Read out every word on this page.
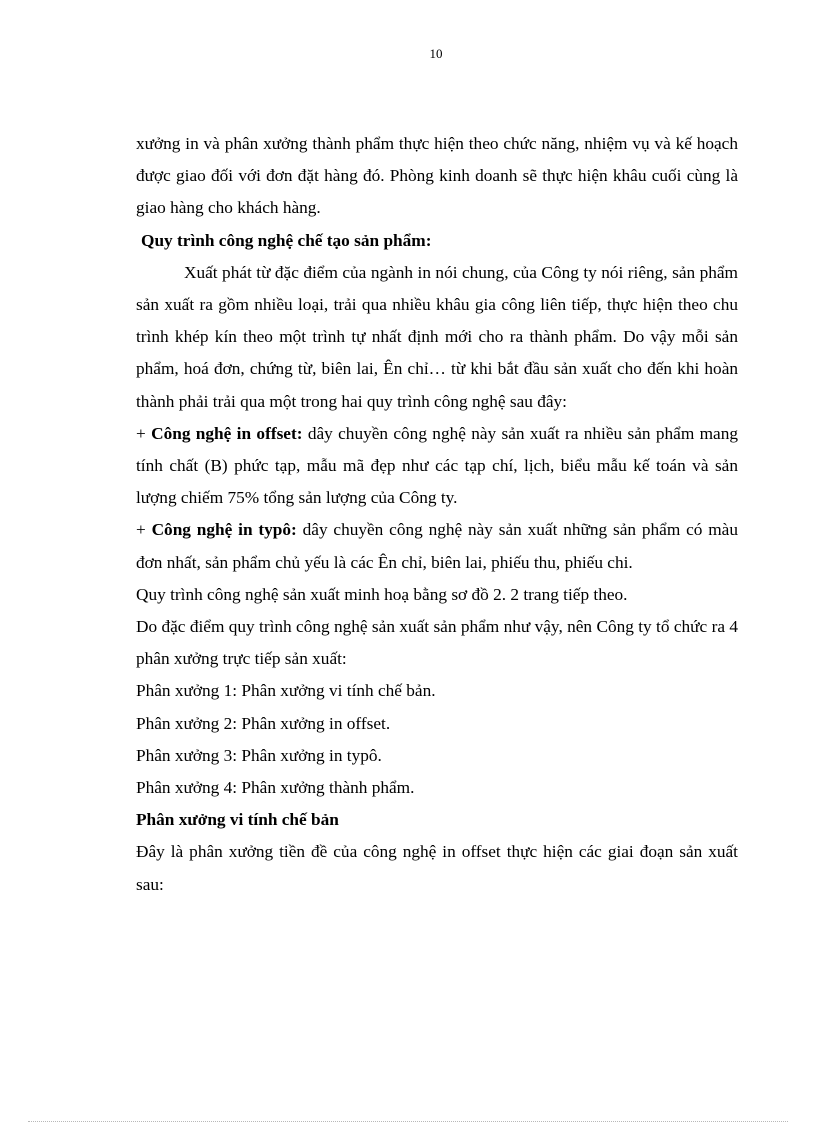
10

xưởng in và phân xưởng thành phẩm thực hiện theo chức năng, nhiệm vụ và kế hoạch được giao đối với đơn đặt hàng đó. Phòng kinh doanh sẽ thực hiện khâu cuối cùng là giao hàng cho khách hàng.

Quy trình công nghệ chế tạo sản phẩm:

Xuất phát từ đặc điểm của ngành in nói chung, của Công ty nói riêng, sản phẩm sản xuất ra gồm nhiều loại, trải qua nhiều khâu gia công liên tiếp, thực hiện theo chu trình khép kín theo một trình tự nhất định mới cho ra thành phẩm. Do vậy mỗi sản phẩm, hoá đơn, chứng từ, biên lai, Ên chỉ… từ khi bắt đầu sản xuất cho đến khi hoàn thành phải trải qua một trong hai quy trình công nghệ sau đây:

+ Công nghệ in offset: dây chuyền công nghệ này sản xuất ra nhiều sản phẩm mang tính chất (B) phức tạp, mẫu mã đẹp như các tạp chí, lịch, biểu mẫu kế toán và sản lượng chiếm 75% tổng sản lượng của Công ty.

+ Công nghệ in typô: dây chuyền công nghệ này sản xuất những sản phẩm có màu đơn nhất, sản phẩm chủ yếu là các Ên chỉ, biên lai, phiếu thu, phiếu chi.

Quy trình công nghệ sản xuất minh hoạ bằng sơ đồ 2. 2 trang tiếp theo.

Do đặc điểm quy trình công nghệ sản xuất sản phẩm như vậy, nên Công ty tổ chức ra 4 phân xưởng trực tiếp sản xuất:

Phân xưởng 1: Phân xưởng vi tính chế bản.

Phân xưởng 2: Phân xưởng in offset.

Phân xưởng 3: Phân xưởng in typô.

Phân xưởng 4: Phân xưởng thành phẩm.

Phân xưởng vi tính chế bản

Đây là phân xưởng tiền đề của công nghệ in offset thực hiện các giai đoạn sản xuất sau:
